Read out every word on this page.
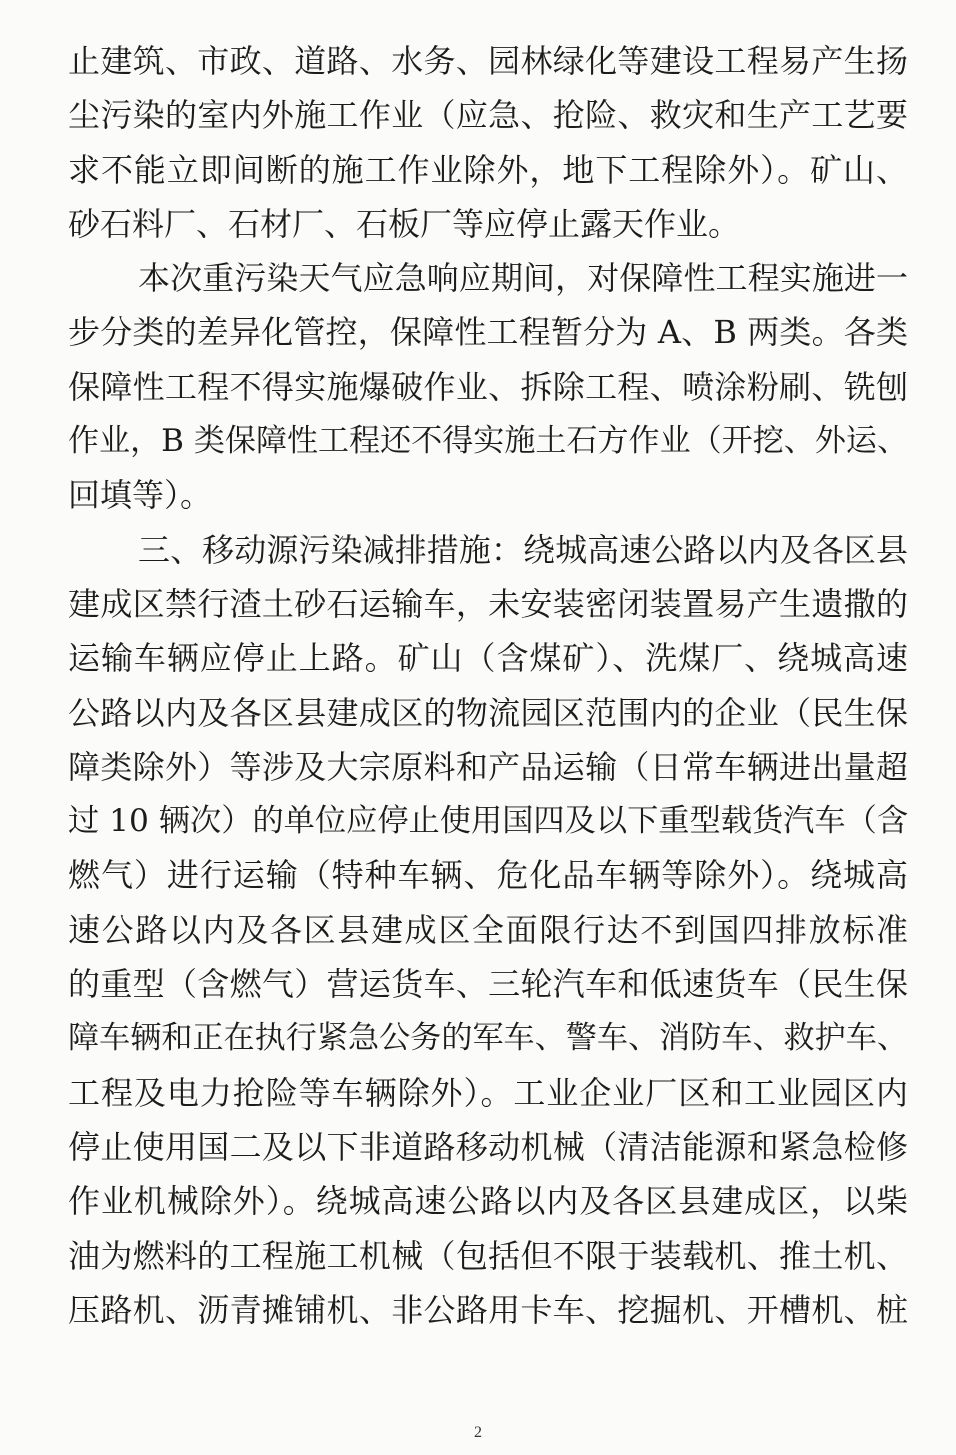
止建筑、市政、道路、水务、园林绿化等建设工程易产生扬
尘污染的室内外施工作业（应急、抢险、救灾和生产工艺要
求不能立即间断的施工作业除外，地下工程除外）。矿山、
砂石料厂、石材厂、石板厂等应停止露天作业。
本次重污染天气应急响应期间，对保障性工程实施进一
步分类的差异化管控，保障性工程暂分为 A、B 两类。各类
保障性工程不得实施爆破作业、拆除工程、喷涂粉刷、铣刨
作业，B 类保障性工程还不得实施土石方作业（开挖、外运、
回填等）。
三、移动源污染减排措施：绕城高速公路以内及各区县
建成区禁行渣土砂石运输车，未安装密闭装置易产生遗撒的
运输车辆应停止上路。矿山（含煤矿）、洗煤厂、绕城高速
公路以内及各区县建成区的物流园区范围内的企业（民生保
障类除外）等涉及大宗原料和产品运输（日常车辆进出量超
过 10 辆次）的单位应停止使用国四及以下重型载货汽车（含
燃气）进行运输（特种车辆、危化品车辆等除外）。绕城高
速公路以内及各区县建成区全面限行达不到国四排放标准
的重型（含燃气）营运货车、三轮汽车和低速货车（民生保
障车辆和正在执行紧急公务的军车、警车、消防车、救护车、
工程及电力抢险等车辆除外）。工业企业厂区和工业园区内
停止使用国二及以下非道路移动机械（清洁能源和紧急检修
作业机械除外）。绕城高速公路以内及各区县建成区，以柴
油为燃料的工程施工机械（包括但不限于装载机、推土机、
压路机、沥青摊铺机、非公路用卡车、挖掘机、开槽机、桩
2
